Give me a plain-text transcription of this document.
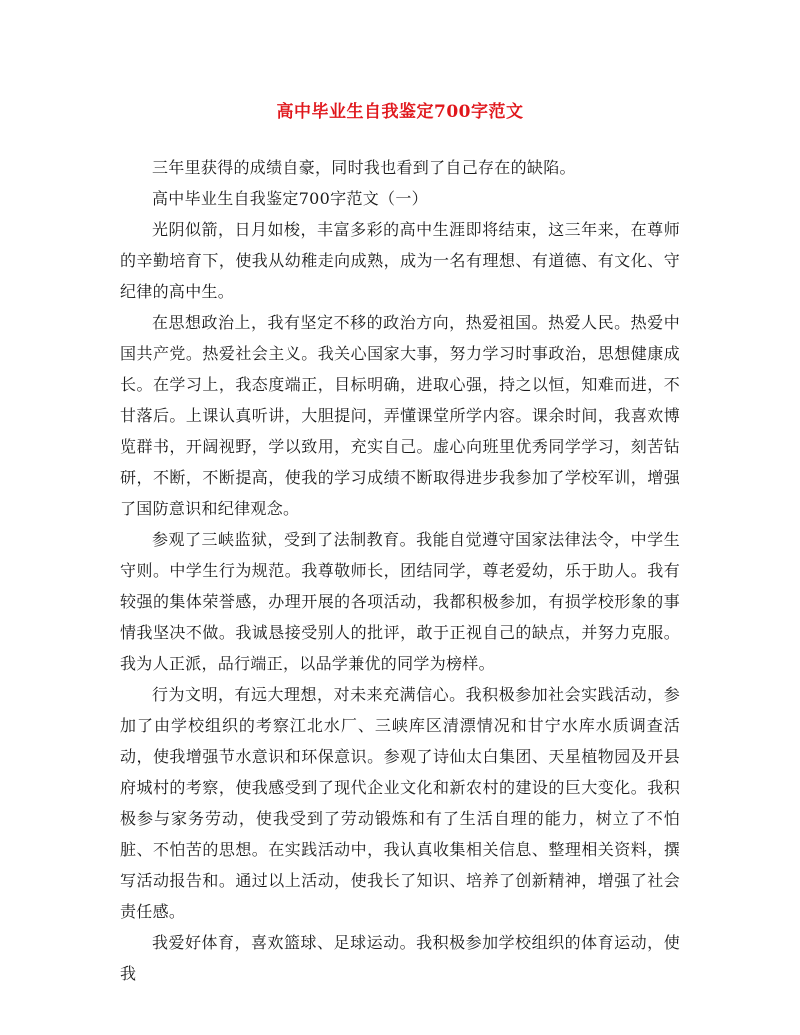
高中毕业生自我鉴定700字范文

三年里获得的成绩自豪，同时我也看到了自己存在的缺陷。

高中毕业生自我鉴定700字范文（一）

光阴似箭，日月如梭，丰富多彩的高中生涯即将结束，这三年来，在尊师的辛勤培育下，使我从幼稚走向成熟，成为一名有理想、有道德、有文化、守纪律的高中生。

在思想政治上，我有坚定不移的政治方向，热爱祖国。热爱人民。热爱中国共产党。热爱社会主义。我关心国家大事，努力学习时事政治，思想健康成长。在学习上，我态度端正，目标明确，进取心强，持之以恒，知难而进，不甘落后。上课认真听讲，大胆提问，弄懂课堂所学内容。课余时间，我喜欢博览群书，开阔视野，学以致用，充实自己。虚心向班里优秀同学学习，刻苦钻研，不断，不断提高，使我的学习成绩不断取得进步我参加了学校军训，增强了国防意识和纪律观念。

参观了三峡监狱，受到了法制教育。我能自觉遵守国家法律法令，中学生守则。中学生行为规范。我尊敬师长，团结同学，尊老爱幼，乐于助人。我有较强的集体荣誉感，办理开展的各项活动，我都积极参加，有损学校形象的事情我坚决不做。我诚恳接受别人的批评，敢于正视自己的缺点，并努力克服。我为人正派，品行端正，以品学兼优的同学为榜样。

行为文明，有远大理想，对未来充满信心。我积极参加社会实践活动，参加了由学校组织的考察江北水厂、三峡库区清漂情况和甘宁水库水质调查活动，使我增强节水意识和环保意识。参观了诗仙太白集团、天星植物园及开县府城村的考察，使我感受到了现代企业文化和新农村的建设的巨大变化。我积极参与家务劳动，使我受到了劳动锻炼和有了生活自理的能力，树立了不怕脏、不怕苦的思想。在实践活动中，我认真收集相关信息、整理相关资料，撰写活动报告和。通过以上活动，使我长了知识、培养了创新精神，增强了社会责任感。

我爱好体育，喜欢篮球、足球运动。我积极参加学校组织的体育运动，使我
